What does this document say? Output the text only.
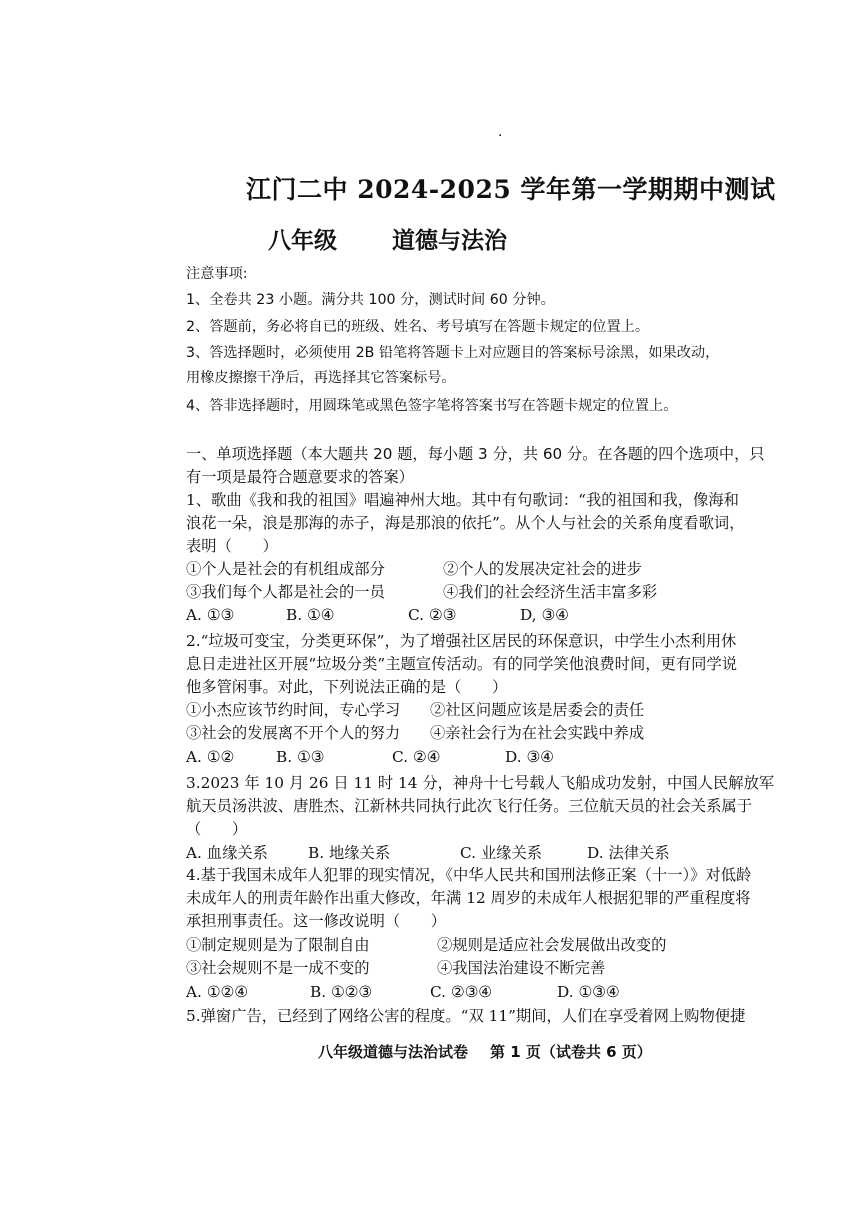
·
江门二中 2024-2025 学年第一学期期中测试
八年级 道德与法治
注意事项:
1、全卷共 23 小题。满分共 100 分，测试时间 60 分钟。
2、答题前，务必将自已的班级、姓名、考号填写在答题卡规定的位置上。
3、答选择题时，必须使用 2B 铅笔将答题卡上对应题目的答案标号涂黑，如果改动，
用橡皮擦擦干净后，再选择其它答案标号。
4、答非选择题时，用圆珠笔或黑色签字笔将答案书写在答题卡规定的位置上。
一、单项选择题（本大题共 20 题，每小题 3 分，共 60 分。在各题的四个选项中，只
有一项是最符合题意要求的答案）
1、歌曲《我和我的祖国》唱遍神州大地。其中有句歌词：“我的祖国和我，像海和
浪花一朵，浪是那海的赤子，海是那浪的依托”。从个人与社会的关系角度看歌词，
表明（　　）
①个人是社会的有机组成部分	②个人的发展决定社会的进步
③我们每个人都是社会的一员	④我们的社会经济生活丰富多彩
A. ①③	B. ①④	C. ②③	D, ③④
2.“垃圾可变宝，分类更环保”，为了增强社区居民的环保意识，中学生小杰利用休
息日走进社区开展“垃圾分类”主题宣传活动。有的同学笑他浪费时间，更有同学说
他多管闲事。对此，下列说法正确的是（　　）
①小杰应该节约时间，专心学习 ②社区问题应该是居委会的责任
③社会的发展离不开个人的努力 ④亲社会行为在社会实践中养成
A. ①②	B. ①③	C. ②④	D. ③④
3.2023 年 10 月 26 日 11 时 14 分，神舟十七号载人飞船成功发射，中国人民解放军
航天员汤洪波、唐胜杰、江新林共同执行此次飞行任务。三位航天员的社会关系属于
（　　）
A. 血缘关系	B. 地缘关系	C. 业缘关系	D. 法律关系
4.基于我国未成年人犯罪的现实情况，《中华人民共和国刑法修正案（十一）》对低龄
未成年人的刑责年龄作出重大修改，年满 12 周岁的未成年人根据犯罪的严重程度将
承担刑事责任。这一修改说明（　　）
①制定规则是为了限制自由	②规则是适应社会发展做出改变的
③社会规则不是一成不变的	④我国法治建设不断完善
A. ①②④	B. ①②③	C. ②③④	D. ①③④
5.弹窗广告，已经到了网络公害的程度。“双 11”期间，人们在享受着网上购物便捷
八年级道德与法治试卷 第 1 页（试卷共 6 页）
